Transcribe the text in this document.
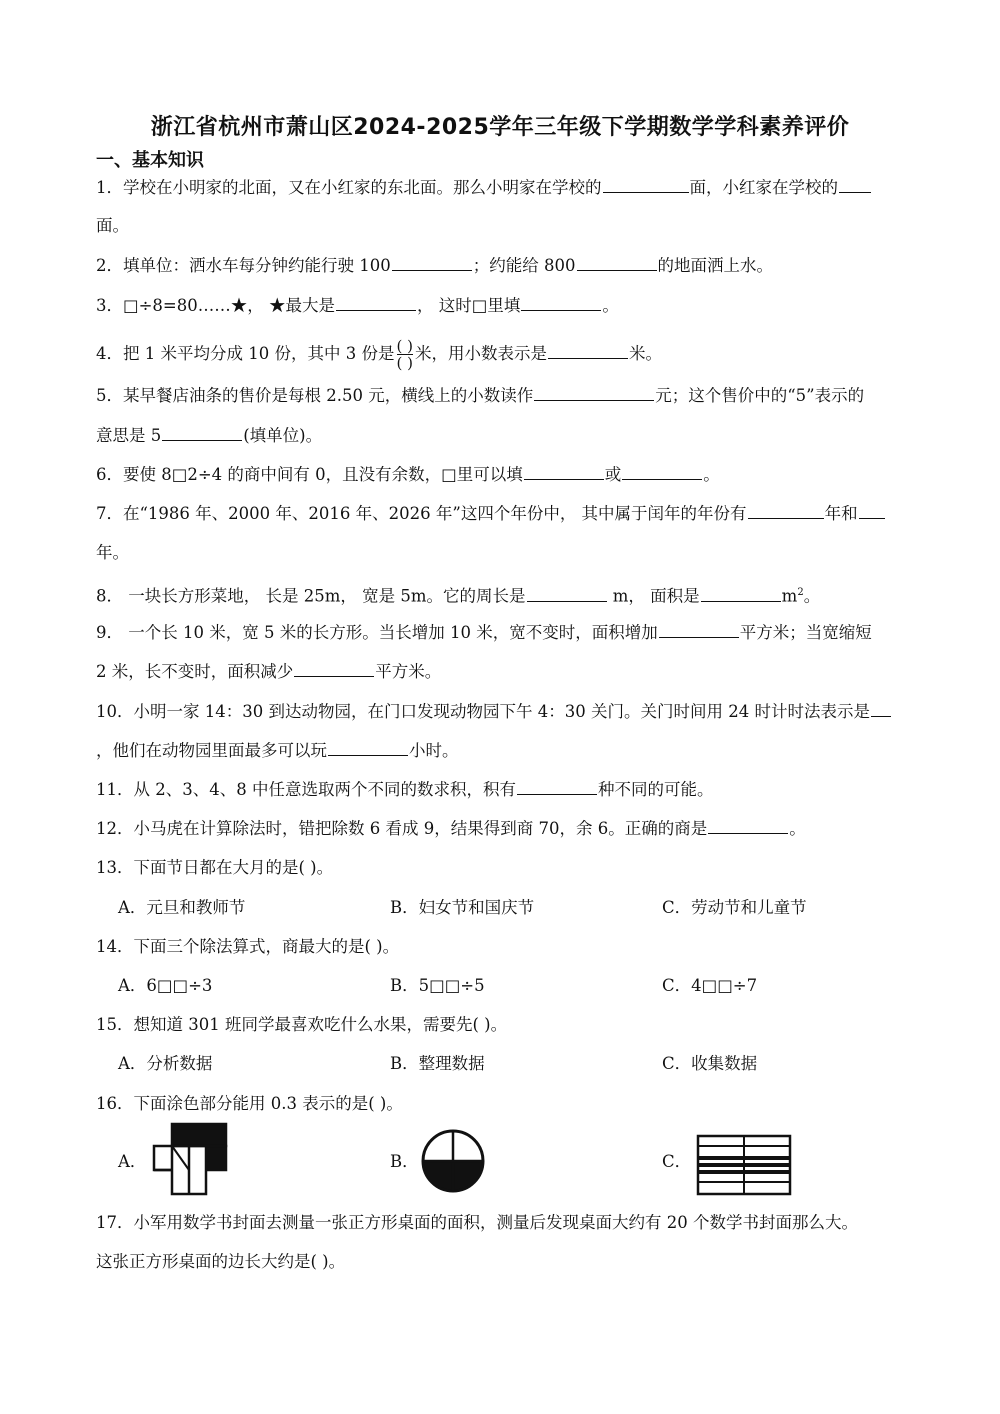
浙江省杭州市萧山区2024-2025学年三年级下学期数学学科素养评价
一、基本知识
1．学校在小明家的北面，又在小红家的东北面。那么小明家在学校的	面，小红家在学校的
面。
2．填单位：洒水车每分钟约能行驶 100	；约能给 800	的地面洒上水。
3．□÷8=80……★， ★最大是	， 这时□里填	。
4．把 1 米平均分成 10 份，其中 3 份是 $\frac{( )}{( )}$ 米，用小数表示是	米。
5．某早餐店油条的售价是每根 2.50 元，横线上的小数读作	元；这个售价中的“5”表示的
意思是 5	(填单位)。
6．要使 8□2÷4 的商中间有 0，且没有余数，□里可以填	或	。
7．在“1986 年、2000 年、2016 年、2026 年”这四个年份中， 其中属于闰年的年份有	年和
年。
8． 一块长方形菜地， 长是 25m， 宽是 5m。它的周长是	m， 面积是	$m^2$。
9． 一个长 10 米，宽 5 米的长方形。当长增加 10 米，宽不变时，面积增加	平方米；当宽缩短
2 米，长不变时，面积减少	平方米。
10．小明一家 14：30 到达动物园，在门口发现动物园下午 4：30 关门。关门时间用 24 时计时法表示是
，他们在动物园里面最多可以玩	小时。
11．从 2、3、4、8 中任意选取两个不同的数求积，积有	种不同的可能。
12．小马虎在计算除法时，错把除数 6 看成 9，结果得到商 70，余 6。正确的商是	。
13．下面节日都在大月的是( )。
A．元旦和教师节	B．妇女节和国庆节	C．劳动节和儿童节
14．下面三个除法算式，商最大的是( )。
A．6□□÷3	B．5□□÷5	C．4□□÷7
15．想知道 301 班同学最喜欢吃什么水果，需要先( )。
A．分析数据	B．整理数据	C．收集数据
16．下面涂色部分能用 0.3 表示的是( )。
A．	B．	C．
17．小军用数学书封面去测量一张正方形桌面的面积，测量后发现桌面大约有 20 个数学书封面那么大。
这张正方形桌面的边长大约是( )。
